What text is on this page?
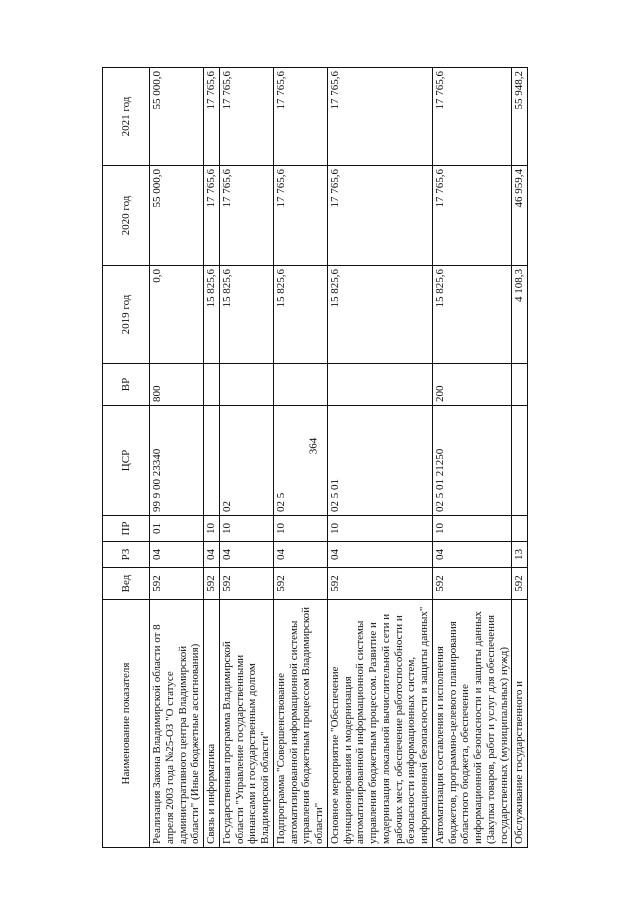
364
Наименование показателя	Вед	РЗ	ПР	ЦСР	ВР	2019 год	2020 год	2021 год
Реализация Закона Владимирской области от 8 апреля 2003 года №25-ОЗ "О статусе административного центра Владимирской области" (Иные бюджетные ассигнования)	592	04	01	99 9 00 23340	800	0,0	55 000,0	55 000,0
Связь и информатика	592	04	10			15 825,6	17 765,6	17 765,6
Государственная программа Владимирской области "Управление государственными финансами и государственным долгом Владимирской области"	592	04	10	02		15 825,6	17 765,6	17 765,6
Подпрограмма "Совершенствование автоматизированной информационной системы управления бюджетным процессом Владимирской области"	592	04	10	02 5		15 825,6	17 765,6	17 765,6
Основное мероприятие "Обеспечение функционирования и модернизация автоматизированной информационной системы управления бюджетным процессом. Развитие и модернизация локальной вычислительной сети и рабочих мест, обеспечение работоспособности и безопасности информационных систем, информационной безопасности и защиты данных"	592	04	10	02 5 01		15 825,6	17 765,6	17 765,6
Автоматизация составления и исполнения бюджетов, программно-целевого планирования областного бюджета, обеспечение информационной безопасности и защиты данных (Закупка товаров, работ и услуг для обеспечения государственных (муниципальных) нужд)	592	04	10	02 5 01 21250	200	15 825,6	17 765,6	17 765,6
Обслуживание государственного и	592	13				4 108,3	46 959,4	55 948,2
